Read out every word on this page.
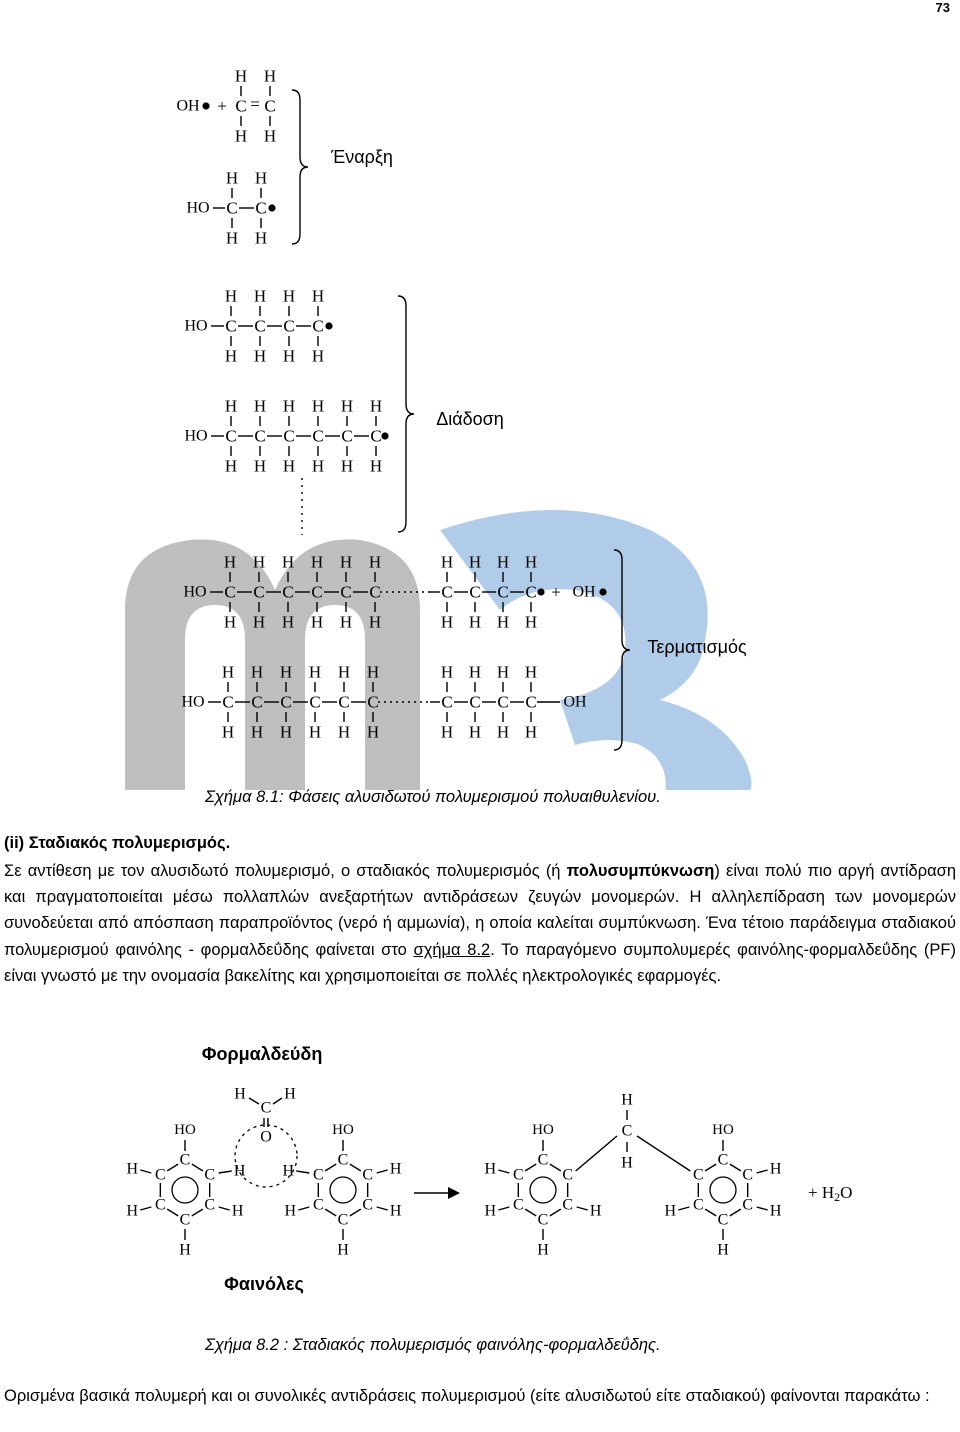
73
OH + C = C
H
H
H
H
HO C
H
H
C
H
H
Έναρξη
HO C
H
H
C
H
H
C
H
H
C
H
H
HO C
H
H
C
H
H
C
H
H
C
H
H
C
H
H
C
H
H
Διάδοση
HO C
H
H
C
H
H
C
H
H
C
H
H
C
H
H
C
H
H
C
H
H
C
H
H
C
H
H
C
H
H
+ OH
HO C
H
H
C
H
H
C
H
H
C
H
H
C
H
H
C
H
H
C
H
H
C
H
H
C
H
H
C
H
H
OH
Τερματισμός
Σχήμα 8.1: Φάσεις αλυσιδωτού πολυμερισμού πολυαιθυλενίου.
(ii) Σταδιακός πολυμερισμός.
Σε αντίθεση με τον αλυσιδωτό πολυμερισμό, ο σταδιακός πολυμερισμός (ή πολυσυμπύκνωση) είναι πολύ πιο αργή αντίδραση και πραγματοποιείται μέσω πολλαπλών ανεξαρτήτων αντιδράσεων ζευγών μονομερών. Η αλληλεπίδραση των μονομερών συνοδεύεται από απόσπαση παραπροϊόντος (νερό ή αμμωνία), η οποία καλείται συμπύκνωση. Ένα τέτοιο παράδειγμα σταδιακού πολυμερισμού φαινόλης - φορμαλδεΰδης φαίνεται στο σχήμα 8.2. Το παραγόμενο συμπολυμερές φαινόλης-φορμαλδεΰδης (PF) είναι γνωστό με την ονομασία βακελίτης και χρησιμοποιείται σε πολλές ηλεκτρολογικές εφαρμογές.
Φορμαλδεύδη
Φαινόλες
C
C
C
C
C
C
HO
H
H
H	H
C
C
C
C
C
C
HO
H
H	H
H
H H
H
C
H
O
C
C
C
C
C
C
HO
H
H
H	H
C
C
C
C
C
C
HO
H
H	H
H
H
C
H
+ $H_2O$
Σχήμα 8.2 : Σταδιακός πολυμερισμός φαινόλης-φορμαλδεΰδης.
Ορισμένα βασικά πολυμερή και οι συνολικές αντιδράσεις πολυμερισμού (είτε αλυσιδωτού είτε σταδιακού) φαίνονται παρακάτω :
